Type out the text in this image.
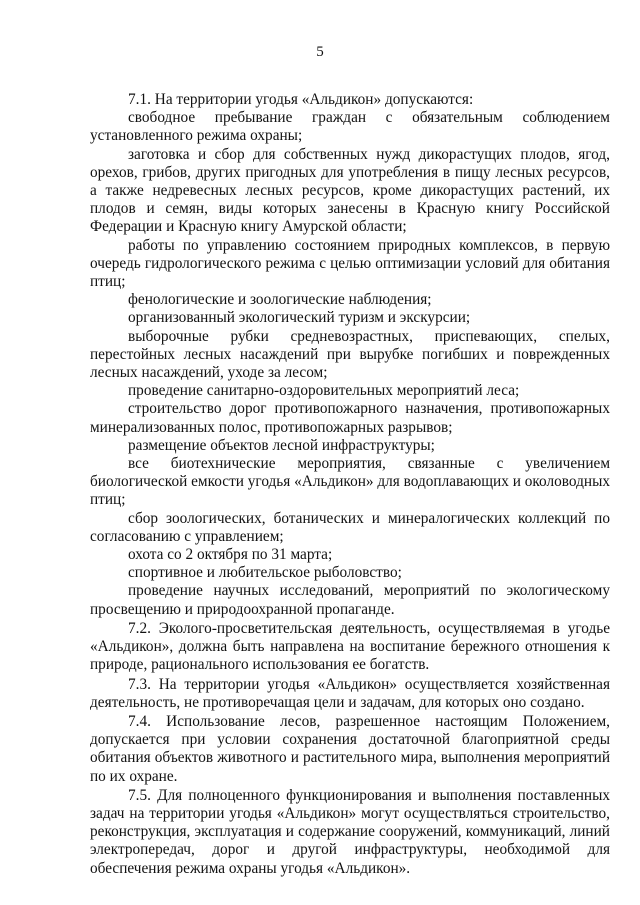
5

7.1. На территории угодья «Альдикон» допускаются:

свободное пребывание граждан с обязательным соблюдением установленного режима охраны;

заготовка и сбор для собственных нужд дикорастущих плодов, ягод, орехов, грибов, других пригодных для употребления в пищу лесных ресурсов, а также недревесных лесных ресурсов, кроме дикорастущих растений, их плодов и семян, виды которых занесены в Красную книгу Российской Федерации и Красную книгу Амурской области;

работы по управлению состоянием природных комплексов, в первую очередь гидрологического режима с целью оптимизации условий для обитания птиц;

фенологические и зоологические наблюдения;

организованный экологический туризм и экскурсии;

выборочные рубки средневозрастных, приспевающих, спелых, перестойных лесных насаждений при вырубке погибших и поврежденных лесных насаждений, уходе за лесом;

проведение санитарно-оздоровительных мероприятий леса;

строительство дорог противопожарного назначения, противопожарных минерализованных полос, противопожарных разрывов;

размещение объектов лесной инфраструктуры;

все биотехнические мероприятия, связанные с увеличением биологической емкости угодья «Альдикон» для водоплавающих и околоводных птиц;

сбор зоологических, ботанических и минералогических коллекций по согласованию с управлением;

охота со 2 октября по 31 марта;

спортивное и любительское рыболовство;

проведение научных исследований, мероприятий по экологическому просвещению и природоохранной пропаганде.

7.2. Эколого-просветительская деятельность, осуществляемая в угодье «Альдикон», должна быть направлена на воспитание бережного отношения к природе, рационального использования ее богатств.

7.3. На территории угодья «Альдикон» осуществляется хозяйственная деятельность, не противоречащая цели и задачам, для которых оно создано.

7.4. Использование лесов, разрешенное настоящим Положением, допускается при условии сохранения достаточной благоприятной среды обитания объектов животного и растительного мира, выполнения мероприятий по их охране.

7.5. Для полноценного функционирования и выполнения поставленных задач на территории угодья «Альдикон» могут осуществляться строительство, реконструкция, эксплуатация и содержание сооружений, коммуникаций, линий электропередач, дорог и другой инфраструктуры, необходимой для обеспечения режима охраны угодья «Альдикон».
